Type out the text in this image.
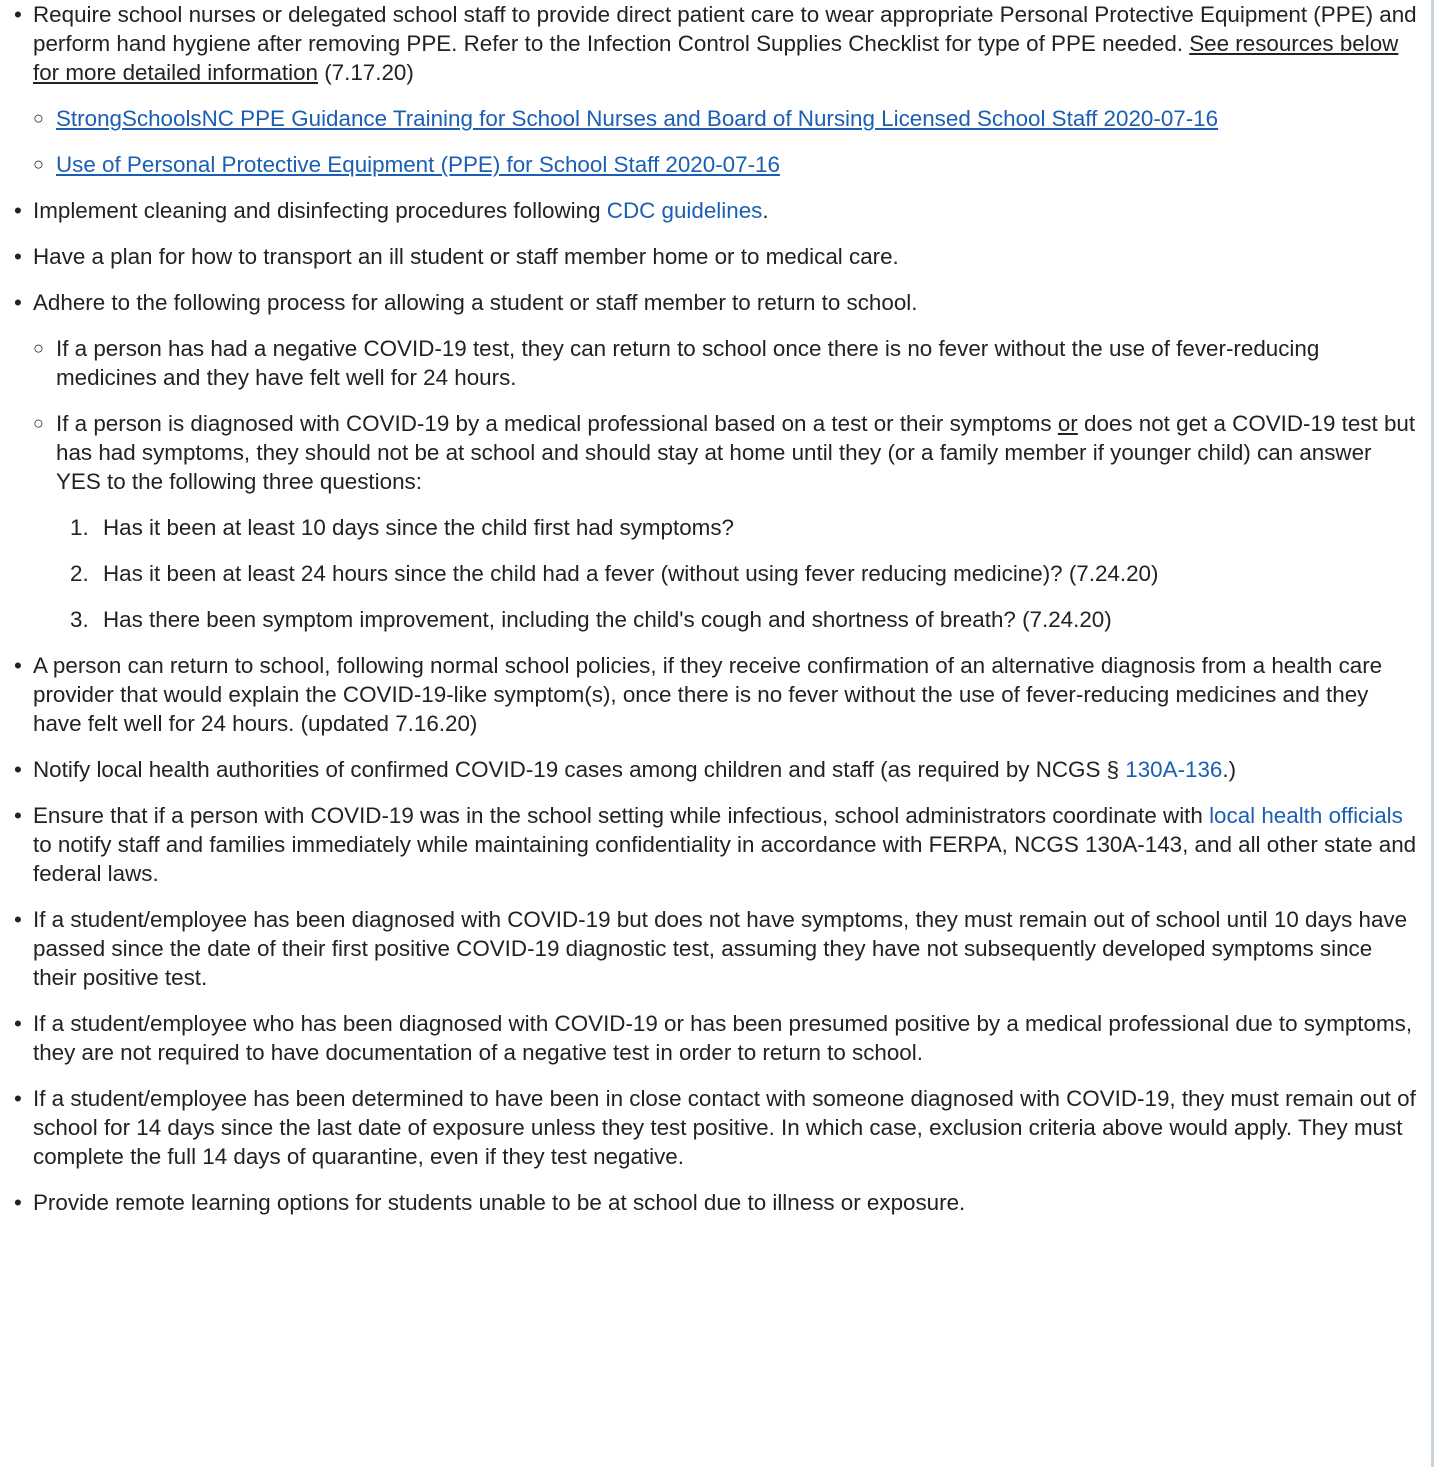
• Require school nurses or delegated school staff to provide direct patient care to wear appropriate Personal Protective Equipment (PPE) and perform hand hygiene after removing PPE. Refer to the Infection Control Supplies Checklist for type of PPE needed. See resources below for more detailed information (7.17.20)
○ StrongSchoolsNC PPE Guidance Training for School Nurses and Board of Nursing Licensed School Staff 2020-07-16
○ Use of Personal Protective Equipment (PPE) for School Staff 2020-07-16
• Implement cleaning and disinfecting procedures following CDC guidelines.
• Have a plan for how to transport an ill student or staff member home or to medical care.
• Adhere to the following process for allowing a student or staff member to return to school.
○ If a person has had a negative COVID-19 test, they can return to school once there is no fever without the use of fever-reducing medicines and they have felt well for 24 hours.
○ If a person is diagnosed with COVID-19 by a medical professional based on a test or their symptoms or does not get a COVID-19 test but has had symptoms, they should not be at school and should stay at home until they (or a family member if younger child) can answer YES to the following three questions:
1. Has it been at least 10 days since the child first had symptoms?
2. Has it been at least 24 hours since the child had a fever (without using fever reducing medicine)? (7.24.20)
3. Has there been symptom improvement, including the child's cough and shortness of breath? (7.24.20)
• A person can return to school, following normal school policies, if they receive confirmation of an alternative diagnosis from a health care provider that would explain the COVID-19-like symptom(s), once there is no fever without the use of fever-reducing medicines and they have felt well for 24 hours. (updated 7.16.20)
• Notify local health authorities of confirmed COVID-19 cases among children and staff (as required by NCGS § 130A-136.)
• Ensure that if a person with COVID-19 was in the school setting while infectious, school administrators coordinate with local health officials to notify staff and families immediately while maintaining confidentiality in accordance with FERPA, NCGS 130A-143, and all other state and federal laws.
• If a student/employee has been diagnosed with COVID-19 but does not have symptoms, they must remain out of school until 10 days have passed since the date of their first positive COVID-19 diagnostic test, assuming they have not subsequently developed symptoms since their positive test.
• If a student/employee who has been diagnosed with COVID-19 or has been presumed positive by a medical professional due to symptoms, they are not required to have documentation of a negative test in order to return to school.
• If a student/employee has been determined to have been in close contact with someone diagnosed with COVID-19, they must remain out of school for 14 days since the last date of exposure unless they test positive. In which case, exclusion criteria above would apply. They must complete the full 14 days of quarantine, even if they test negative.
• Provide remote learning options for students unable to be at school due to illness or exposure.
